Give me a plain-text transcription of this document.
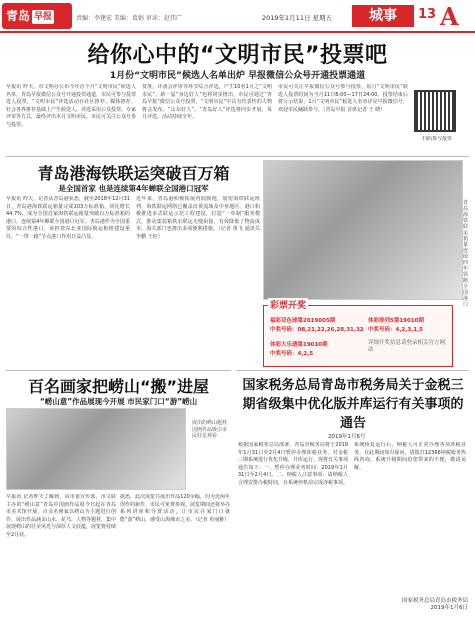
青岛 早报	责编：李建宏 美编：葛娟 审读：赵伟广	2019年1月11日 星期五	城事	13 A
给你心中的“文明市民”投票吧
1月份“文明市民”候选人名单出炉 早报微信公众号开通投票通道
早报讯 昨天，市文明办公布今年首个月“文明市民”候选人名单，青岛早报微信公众号开通投票通道，市民可参与投票选人投票。“文明市民”评选活动在社区推荐、媒体推荐、社会各界推荐基础上产生候选人，评选采用公众投票、专家评审等方式，最终评出本月文明市民。市民可关注公众号参与投票。
赏准，详备会评审等环节综合评选，产生10名1月之“文明市民”，新一届“身边好人”也将同步推出，市民可通过“青岛早报”微信公众号投票，“文明市民”中具有代表性的人物将会发布。“山东好人”、“青岛好人”评选将同步开展，每月评选，活动持续全年。
市民可关注早报微信公众号参与投票，每月“文明市民”候选人投票时间为当月11日8:00—17日24:00。投票结束后将公示结果，1月“文明市民”候选人名单详见早报微信号，欢迎市民踊跃参与。（青岛早报 首席记者 于 晓）
扫码参与投票
青岛港海铁联运突破百万箱
是全国首家 也是连续第4年蝉联全国港口冠军
早报讯 昨天，记者从青岛港获悉，截至2018年12月31日，青岛港海铁联运箱量完成103万标准箱，同比增长44.7%，成为全国首家海铁联运箱量突破百万标准箱的港口，连续第4年蝉联全国港口冠军。青岛港作为全国重要的综合性港口，承担着东北亚国际航运枢纽建设重任，“一带一路”节点港口作用日益凸显。
近年来，青岛港积极拓展内陆腹地，加密海铁联运班列，海铁联运网络已覆盖沿黄流域及中亚地区。港口积极推进多式联运示范工程建设，打造“一单制”服务模式，推动集装箱铁水联运无缝衔接，有效降低了物流成本。海关部门也推出多项便利措施。（记者 黄飞 通讯员 李鹏 王恒）
彩票开奖
福彩双色球第2019005期
中奖号码：08,21,22,26,28,31,32
体彩大乐透第19010期
中奖号码：4,2,5
体彩排列5第19010期
中奖号码：4,2,3,1,5
详细开奖信息请登录相关官方网站
青岛海铁联运箱量连续四年领跑全国港口
百名画家把崂山“搬”进屋
“崂山意”作品展现今开展 市民家门口“游”崂山
展出的崂山题材国画作品吸引市民驻足观看
早报讯 记者昨天了解到，由市委宣传部、市文联主办的“崂山意”青岛中国画作品展今日起在青岛市美术馆开展，百余名画家以崂山为主题进行创作，展出作品涵盖山水、花鸟、人物等题材，集中展现崂山的壮美风光与深厚人文底蕴，展览将持续至2月底。
据悉，此次展览共展出作品120余幅，均为近两年创作的新作，市民可免费参观。展览期间还将举办系列讲座和导赏活动，让市民在家门口就能“游”崂山，感受山海城市之美。（记者 单丽雅）
国家税务总局青岛市税务局关于金税三期省级集中优化版并库运行有关事项的通告
2019年1月6号
根据国家税务总局部署，青岛市税务局将于2019年1月31日至2月4日暂停办理涉税业务，对金税三期系统进行优化升级，并库运行。现将有关事项通告如下：一、暂停办理业务时间：2019年1月31日至2月4日。二、纳税人注意事项：请纳税人合理安排办税时间，在系统停机前完成涉税事项。
系统恢复运行后，纳税人可正常办理各项涉税业务。在此期间如有疑问，请拨打12366纳税服务热线咨询。系统升级期间给您带来的不便，敬请谅解。
国家税务总局青岛市税务局
2019年1月6日
